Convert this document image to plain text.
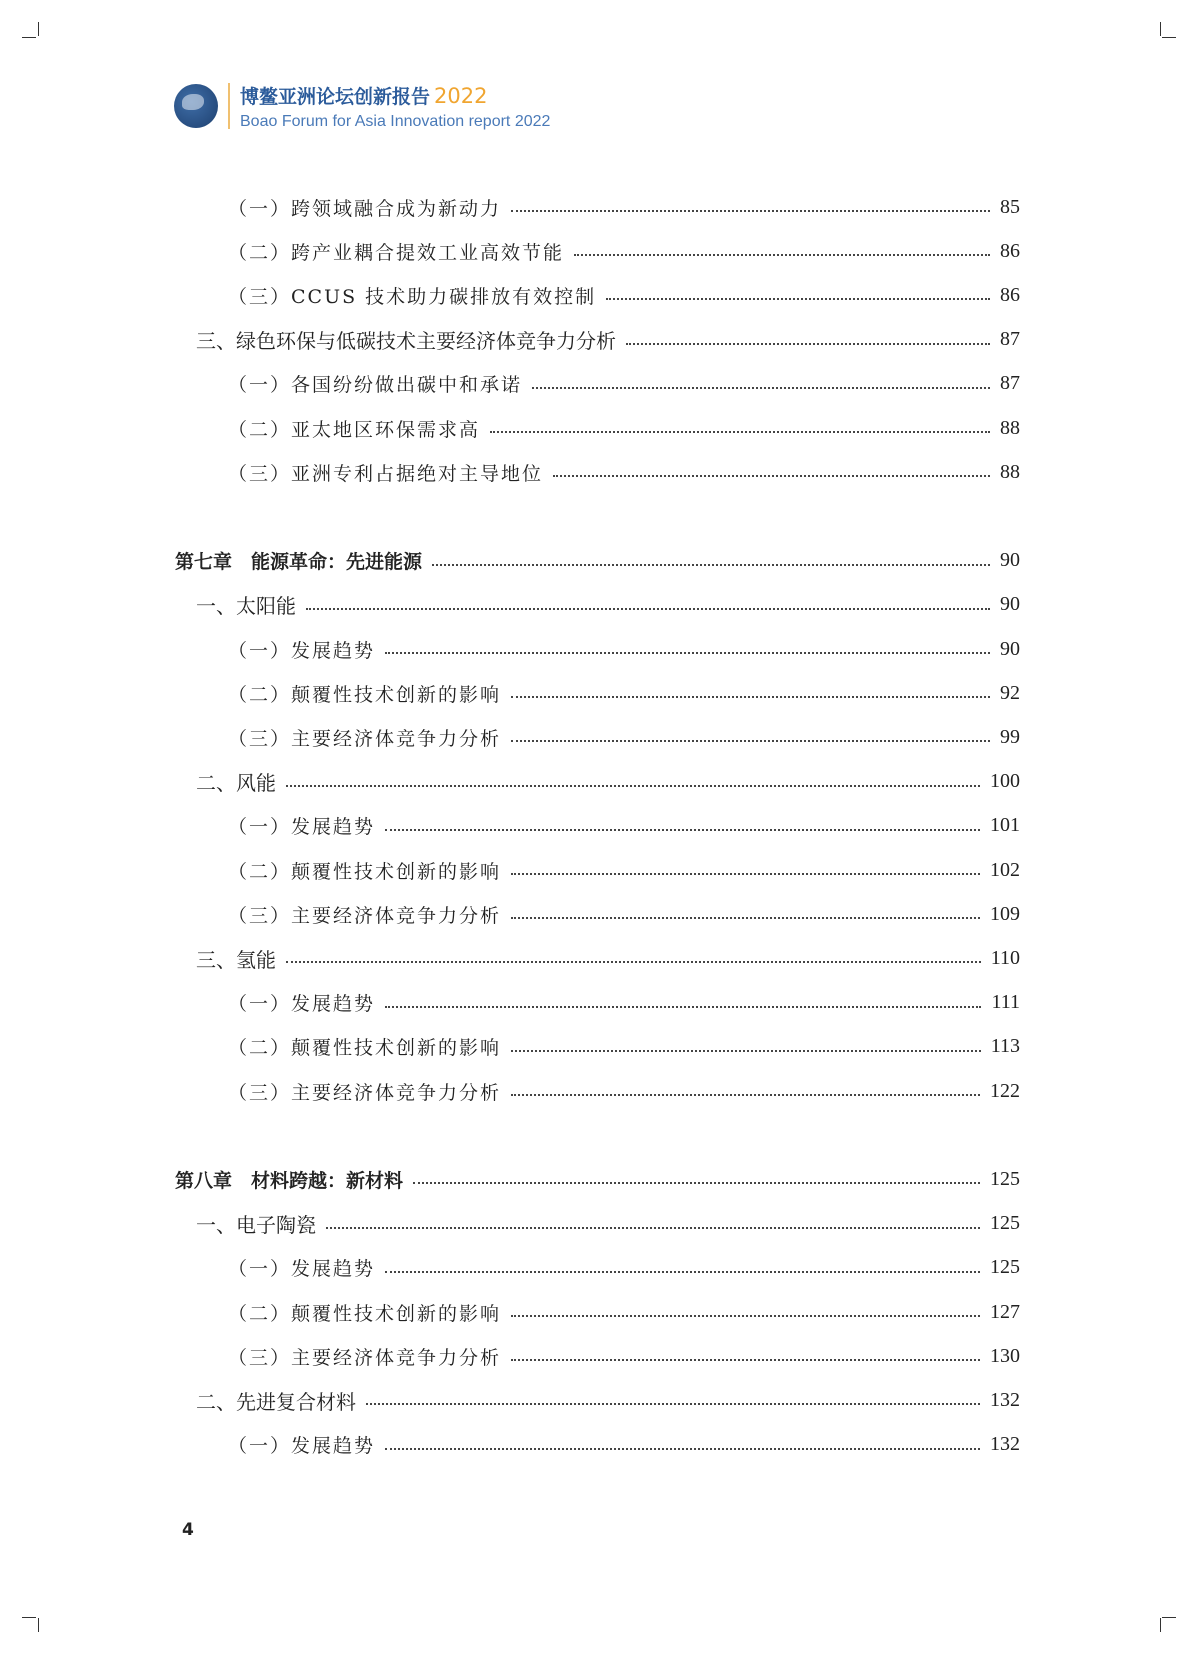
博鳌亚洲论坛创新报告 2022
Boao Forum for Asia Innovation report 2022
（一）跨领域融合成为新动力	85
（二）跨产业耦合提效工业高效节能	86
（三）CCUS 技术助力碳排放有效控制	86
三、绿色环保与低碳技术主要经济体竞争力分析	87
（一）各国纷纷做出碳中和承诺	87
（二）亚太地区环保需求高	88
（三）亚洲专利占据绝对主导地位	88
第七章　能源革命：先进能源	90
一、太阳能	90
（一）发展趋势	90
（二）颠覆性技术创新的影响	92
（三）主要经济体竞争力分析	99
二、风能	100
（一）发展趋势	101
（二）颠覆性技术创新的影响	102
（三）主要经济体竞争力分析	109
三、氢能	110
（一）发展趋势	111
（二）颠覆性技术创新的影响	113
（三）主要经济体竞争力分析	122
第八章　材料跨越：新材料	125
一、电子陶瓷	125
（一）发展趋势	125
（二）颠覆性技术创新的影响	127
（三）主要经济体竞争力分析	130
二、先进复合材料	132
（一）发展趋势	132
4
